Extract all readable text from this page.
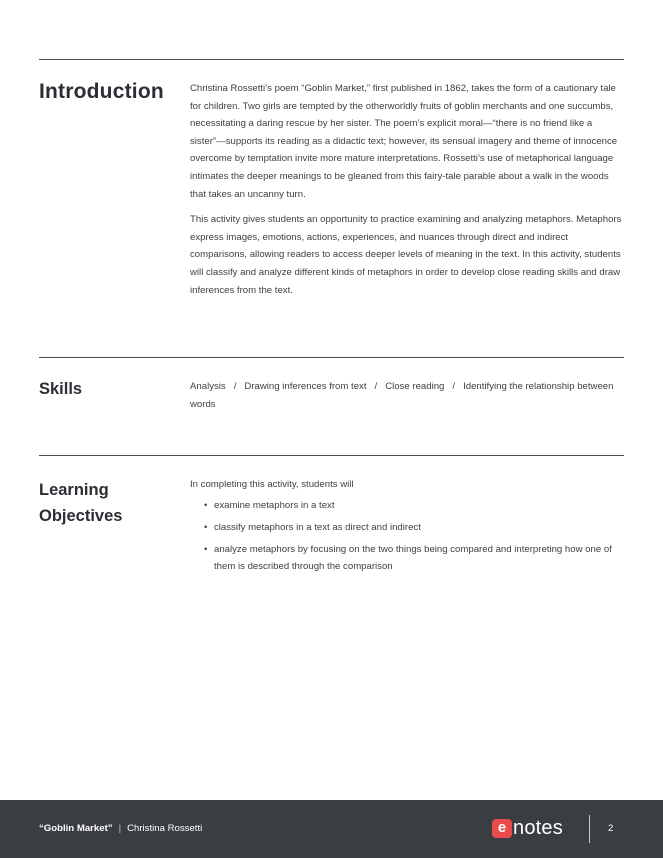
Introduction	Christina Rossetti’s poem “Goblin Market,” first published in 1862, takes the form of a cautionary tale for children. Two girls are tempted by the otherworldly fruits of goblin merchants and one succumbs, necessitating a daring rescue by her sister. The poem’s explicit moral—“there is no friend like a sister”—supports its reading as a didactic text; however, its sensual imagery and theme of innocence overcome by temptation invite more mature interpretations. Rossetti’s use of metaphorical language intimates the deeper meanings to be gleaned from this fairy-tale parable about a walk in the woods that takes an uncanny turn.

This activity gives students an opportunity to practice examining and analyzing metaphors. Metaphors express images, emotions, actions, experiences, and nuances through direct and indirect comparisons, allowing readers to access deeper levels of meaning in the text. In this activity, students will classify and analyze different kinds of metaphors in order to develop close reading skills and draw inferences from the text.

Skills	Analysis / Drawing inferences from text / Close reading / Identifying the relationship between words
Learning
Objectives
In completing this activity, students will
• examine metaphors in a text
• classify metaphors in a text as direct and indirect
• analyze metaphors by focusing on the two things being compared and interpreting how one of them is described through the comparison
“Goblin Market” | Christina Rossetti	e notes	2
